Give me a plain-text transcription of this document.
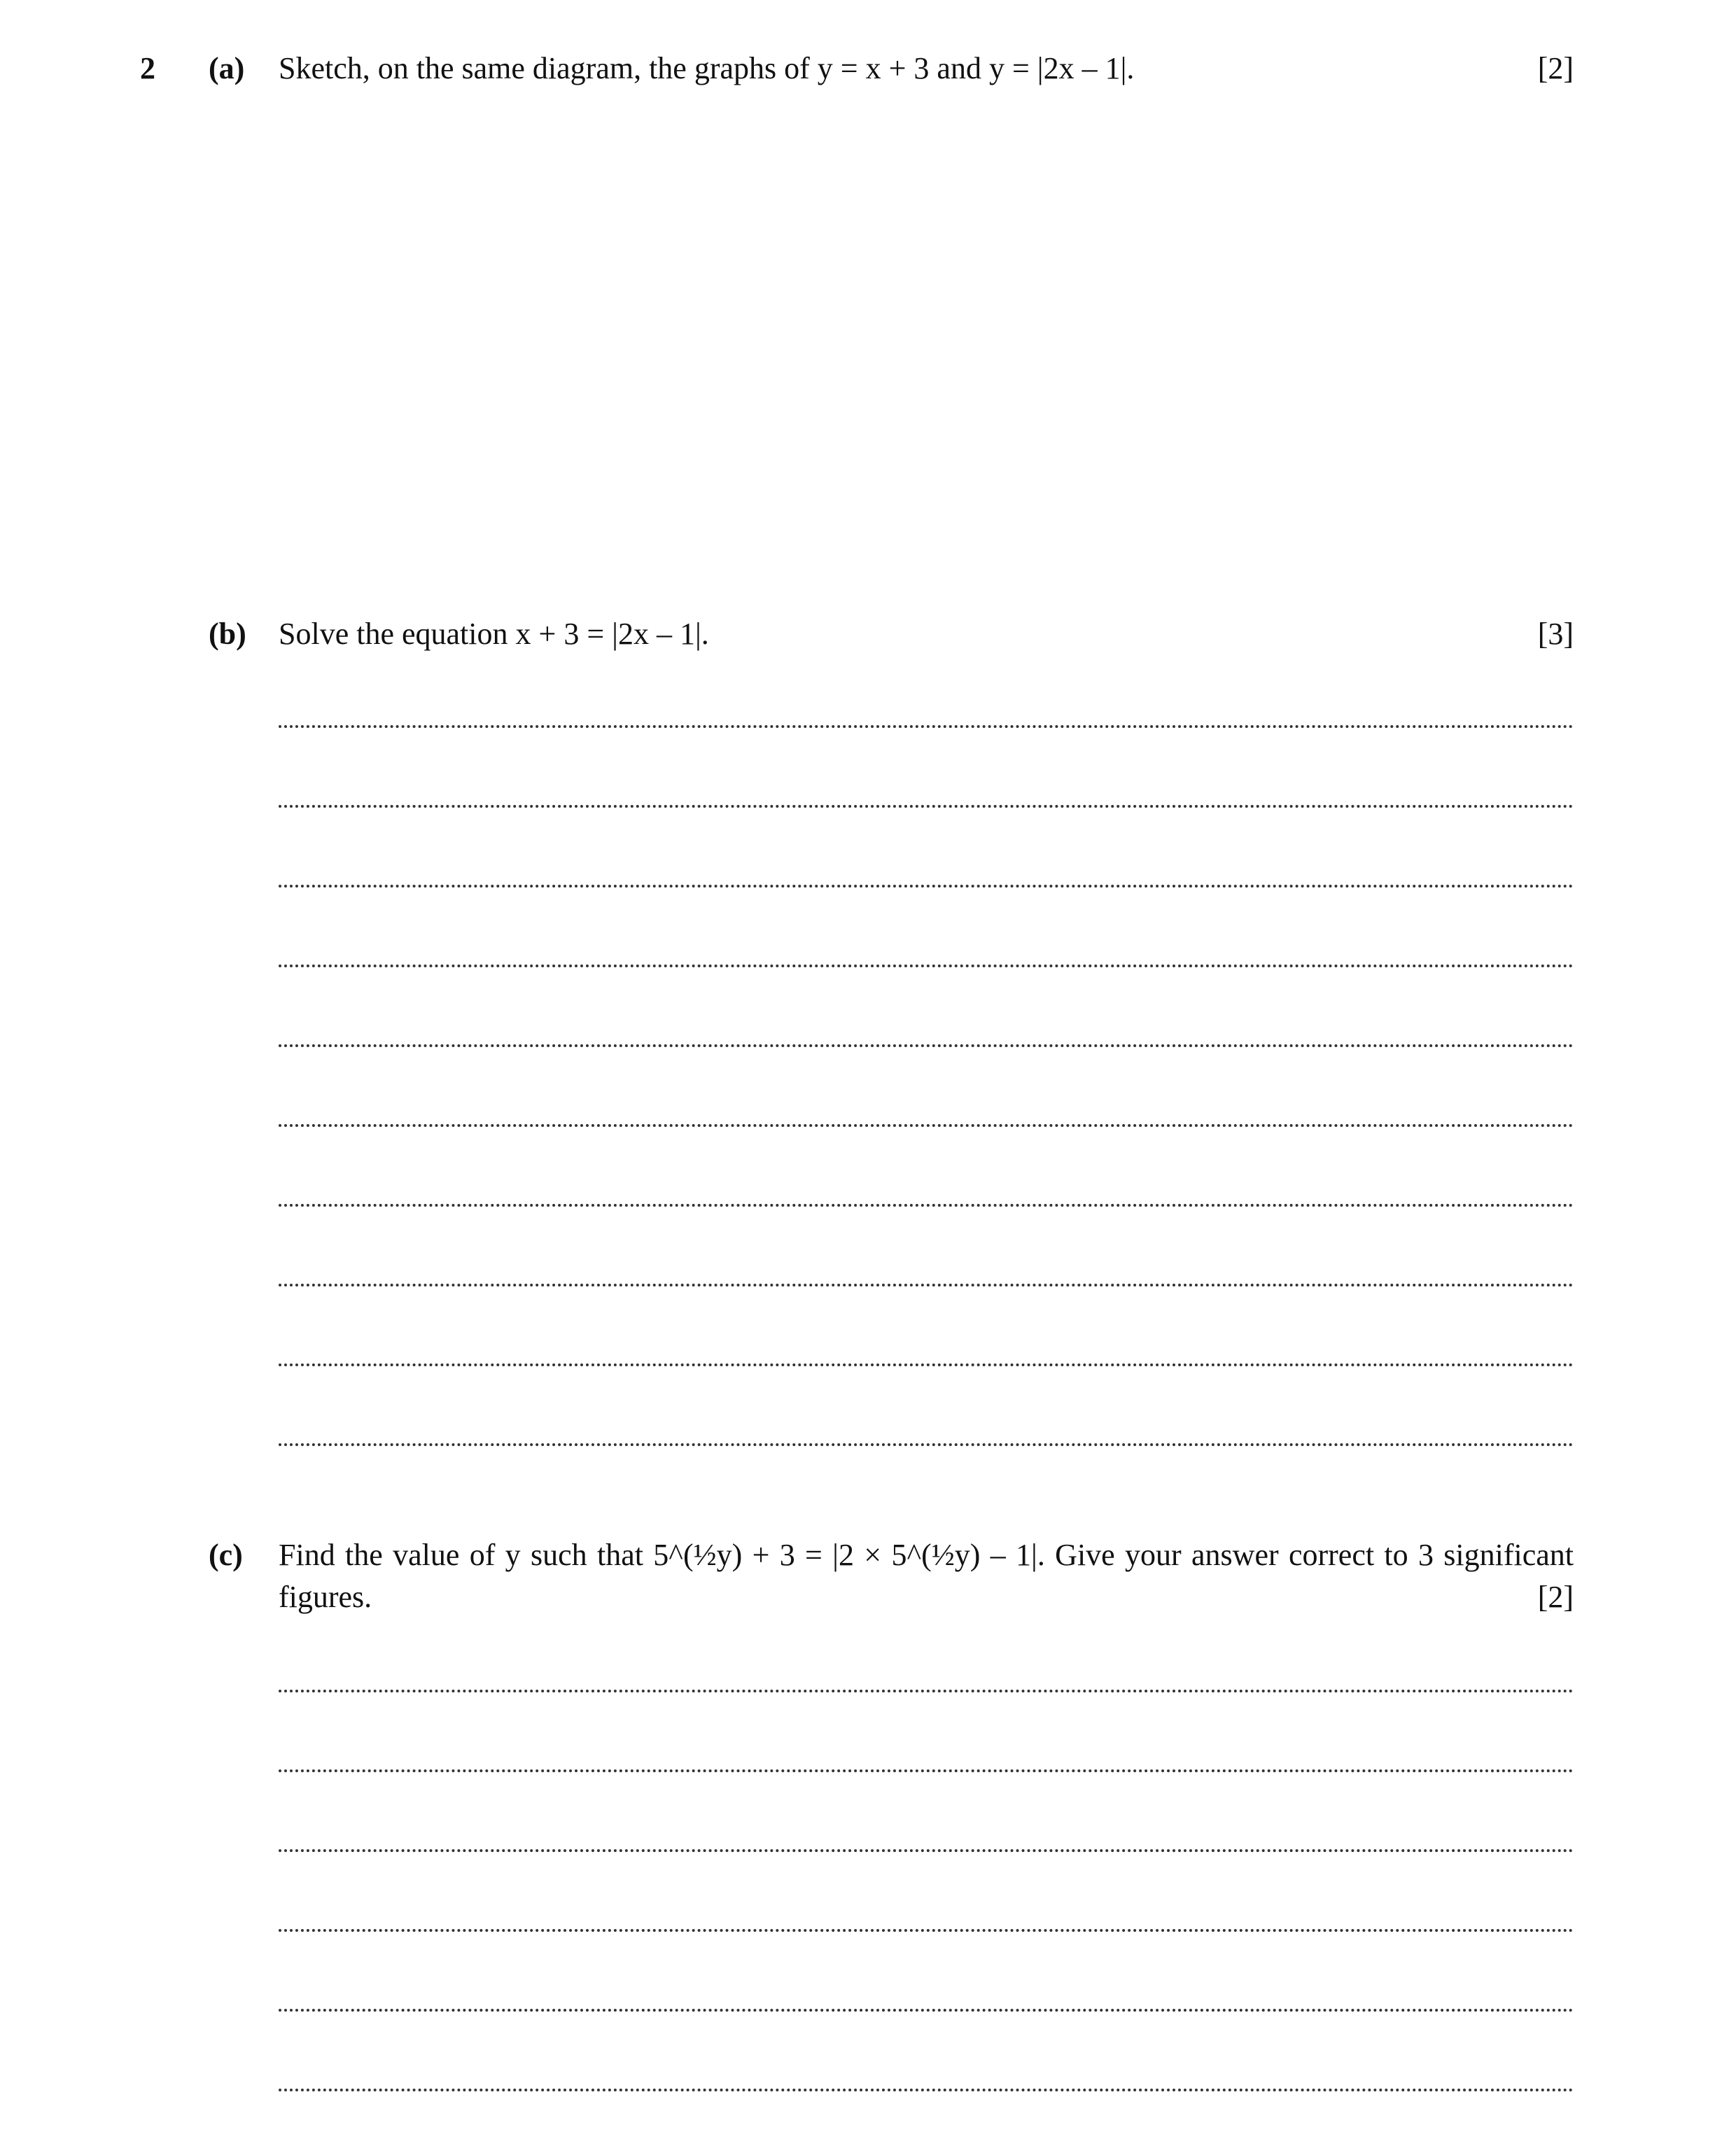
2 (a) Sketch, on the same diagram, the graphs of y = x + 3 and y = |2x – 1|.	[2]
(b) Solve the equation x + 3 = |2x – 1|.	[3]
(c) Find the value of y such that 5^(½y) + 3 = |2 × 5^(½y) – 1|. Give your answer correct to 3 significant
figures.	[2]
